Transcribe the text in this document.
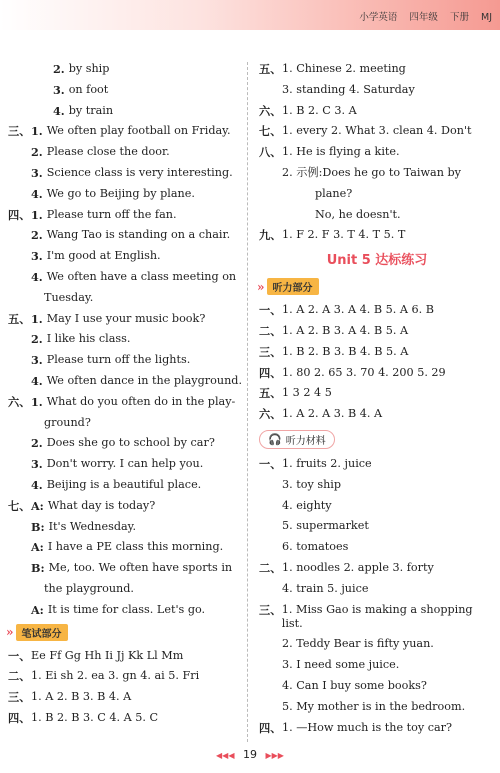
小学英语 四年级 下册 MJ
2. by ship
3. on foot
4. by train
三、 1. We often play football on Friday.
2. Please close the door.
3. Science class is very interesting.
4. We go to Beijing by plane.
四、 1. Please turn off the fan.
2. Wang Tao is standing on a chair.
3. I'm good at English.
4. We often have a class meeting on
Tuesday.
五、 1. May I use your music book?
2. I like his class.
3. Please turn off the lights.
4. We often dance in the playground.
六、 1. What do you often do in the play-
ground?
2. Does she go to school by car?
3. Don't worry. I can help you.
4. Beijing is a beautiful place.
七、 A: What day is today?
B: It's Wednesday.
A: I have a PE class this morning.
B: Me, too. We often have sports in
the playground.
A: It is time for class. Let's go.
» 笔试部分
一、 Ee Ff Gg Hh Ii Jj Kk Ll Mm
二、 1. Ei sh 2. ea 3. gn 4. ai 5. Fri
三、 1. A 2. B 3. B 4. A
四、 1. B 2. B 3. C 4. A 5. C
五、 1. Chinese 2. meeting
3. standing 4. Saturday
六、 1. B 2. C 3. A
七、 1. every 2. What 3. clean 4. Don't
八、 1. He is flying a kite.
2. 示例:Does he go to Taiwan by
plane?
No, he doesn't.
九、 1. F 2. F 3. T 4. T 5. T
Unit 5 达标练习
» 听力部分
一、 1. A 2. A 3. A 4. B 5. A 6. B
二、 1. A 2. B 3. A 4. B 5. A
三、 1. B 2. B 3. B 4. B 5. A
四、 1. 80 2. 65 3. 70 4. 200 5. 29
五、 1 3 2 4 5
六、 1. A 2. A 3. B 4. A
🎧 听力材料
一、 1. fruits 2. juice
3. toy ship
4. eighty
5. supermarket
6. tomatoes
二、 1. noodles 2. apple 3. forty
4. train 5. juice
三、 1. Miss Gao is making a shopping list.
2. Teddy Bear is fifty yuan.
3. I need some juice.
4. Can I buy some books?
5. My mother is in the bedroom.
四、 1. —How much is the toy car?
◀◀◀ 19 ▶▶▶
